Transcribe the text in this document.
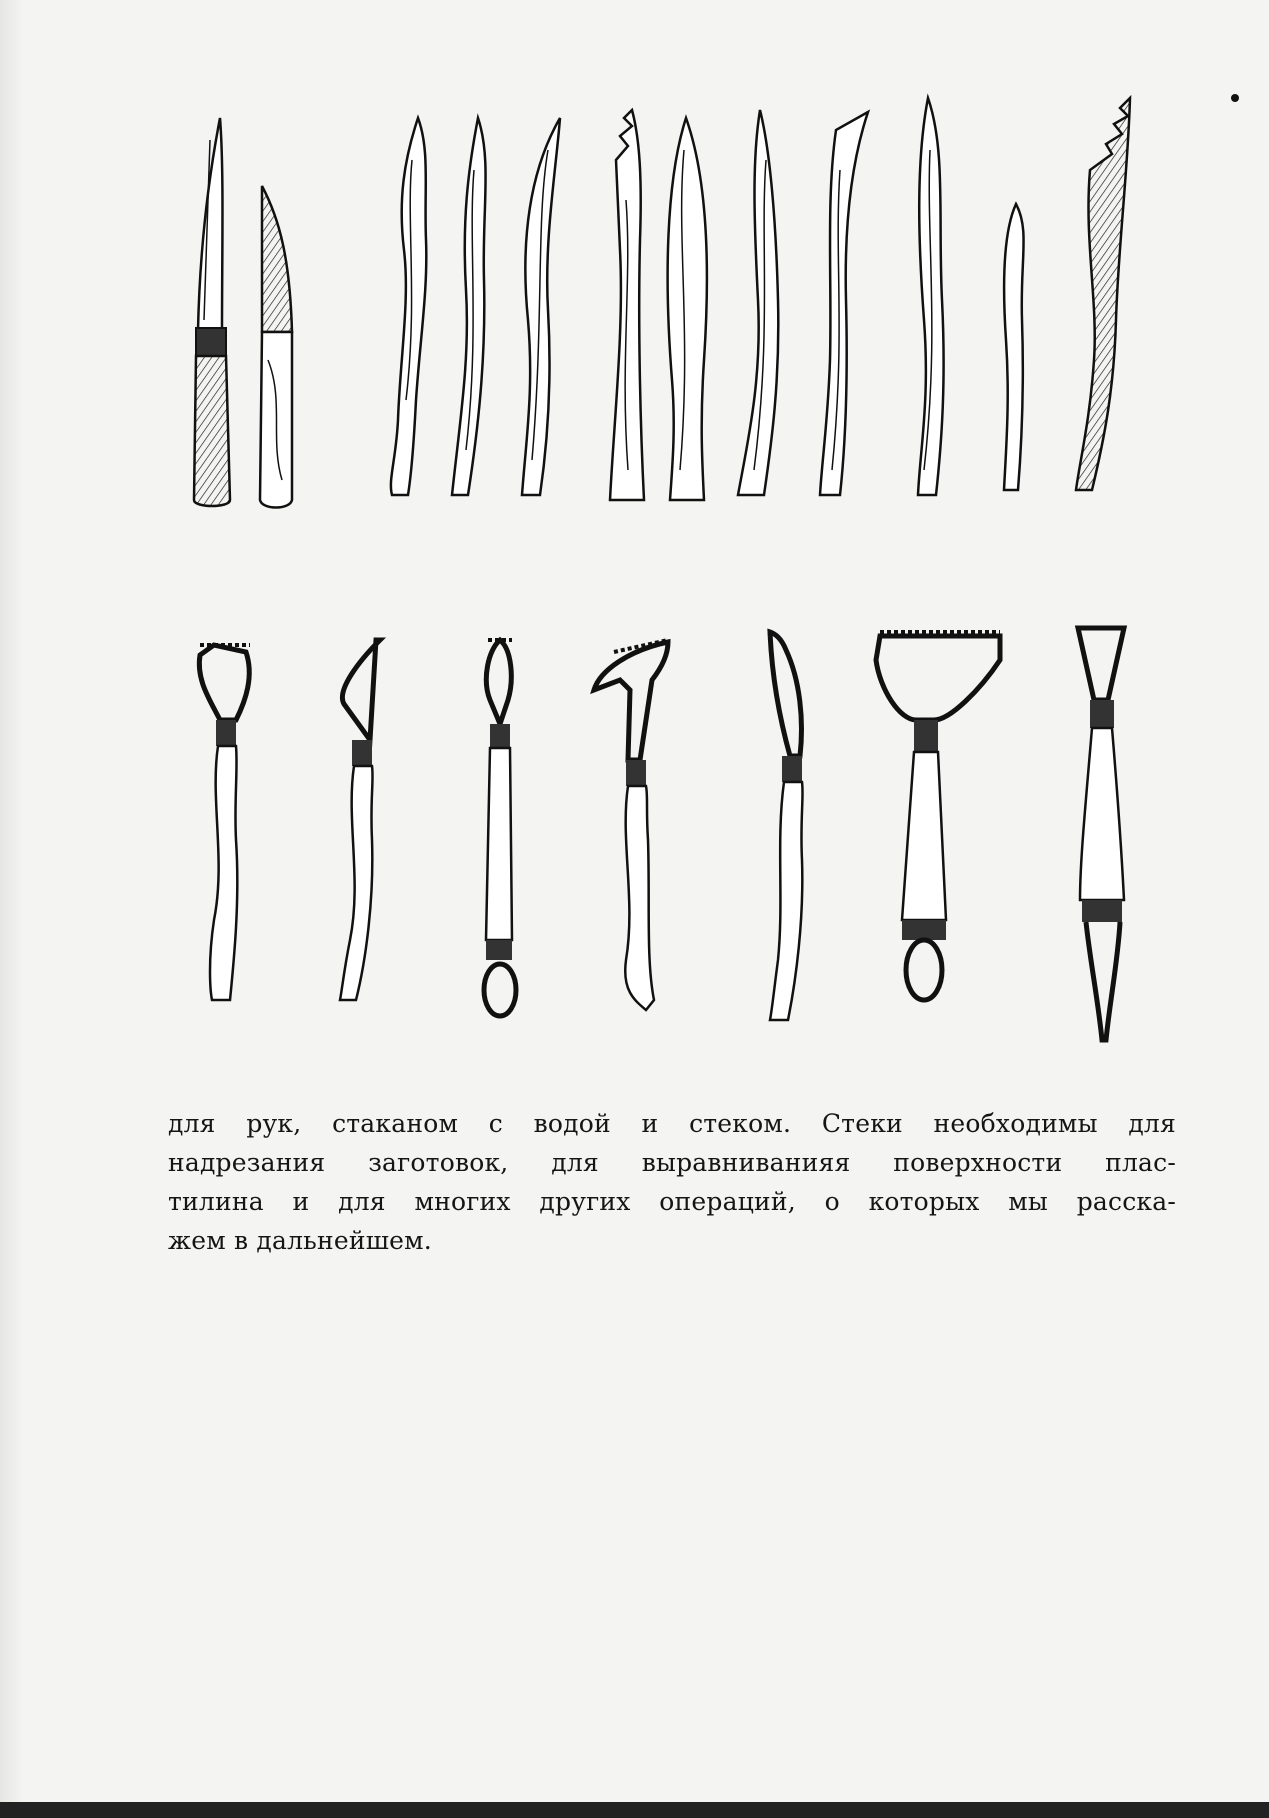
для рук, стаканом с водой и стеком. Стеки необходимы для
надрезания заготовок, для выравниванияя поверхности плас-
тилина и для многих других операций, о которых мы расска-
жем в дальнейшем.
